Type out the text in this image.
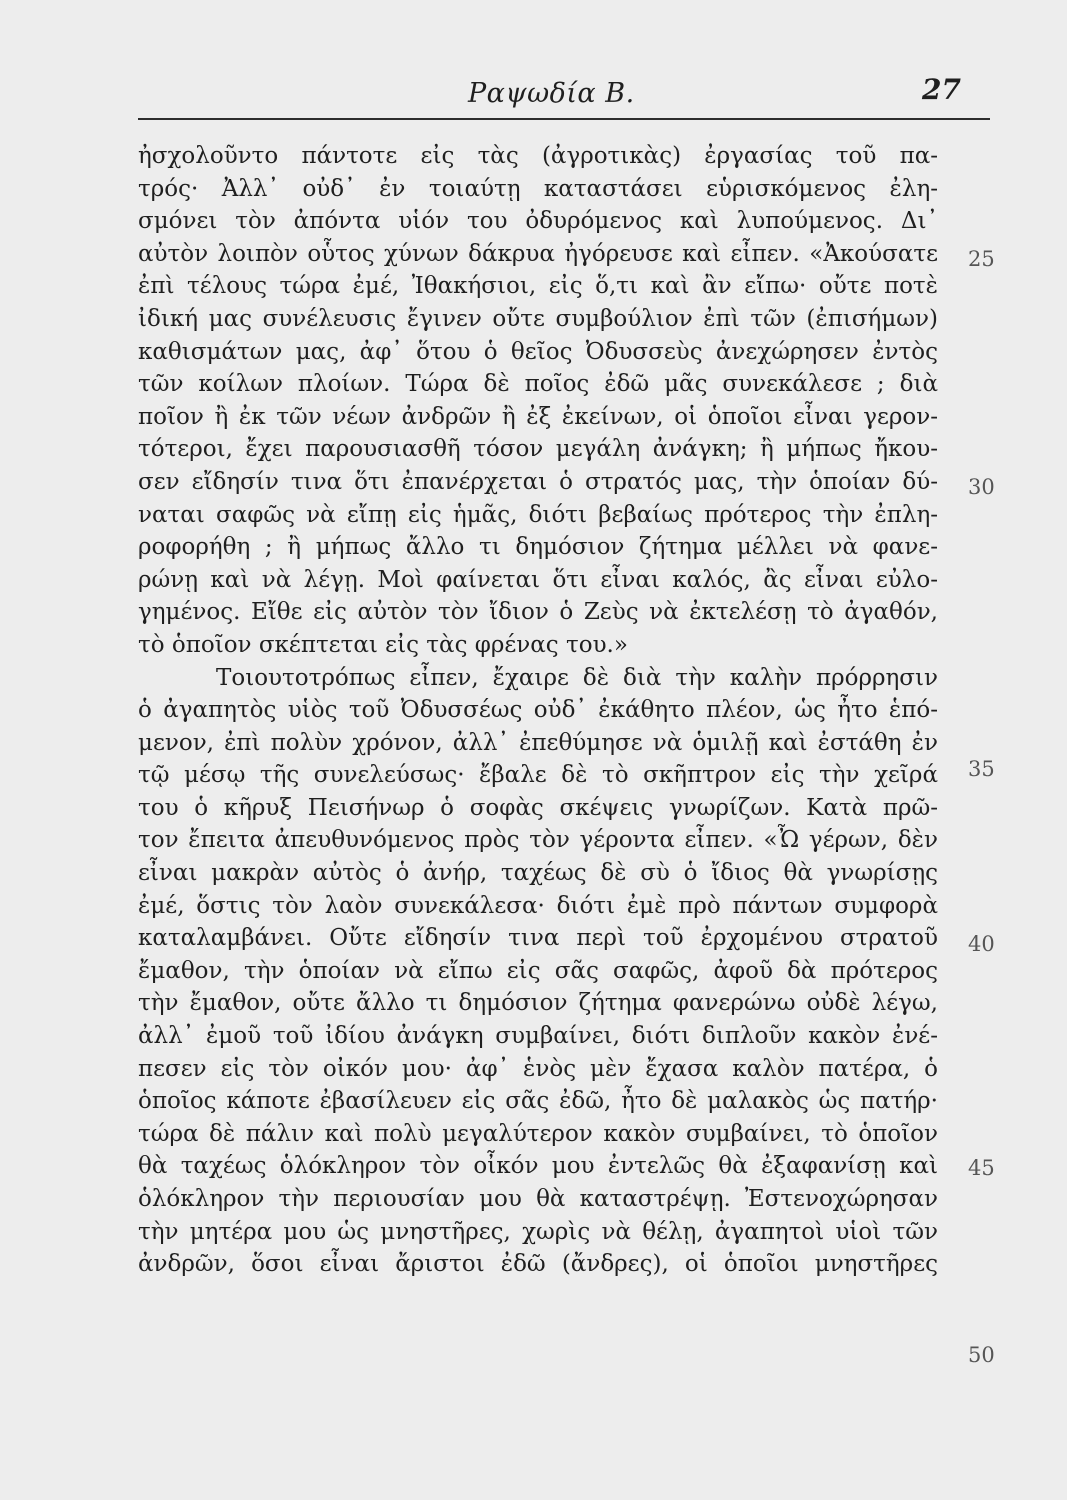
Ραψωδία Β.	27
ἠσχολοῦντο πάντοτε εἰς τὰς (ἀγροτικὰς) ἐργασίας τοῦ πα-
τρός· Ἀλλ᾽ οὐδ᾽ ἐν τοιαύτῃ καταστάσει εὑρισκόμενος ἐλη-
σμόνει τὸν ἀπόντα υἱόν του ὀδυρόμενος καὶ λυπούμενος. Δι᾽
αὐτὸν λοιπὸν οὗτος χύνων δάκρυα ἠγόρευσε καὶ εἶπεν. «Ἀκούσατε
ἐπὶ τέλους τώρα ἐμέ, Ἰθακήσιοι, εἰς ὅ,τι καὶ ἂν εἴπω· οὔτε ποτὲ
ἰδική μας συνέλευσις ἔγινεν οὔτε συμβούλιον ἐπὶ τῶν (ἐπισήμων)
καθισμάτων μας, ἀφ᾽ ὅτου ὁ θεῖος Ὀδυσσεὺς ἀνεχώρησεν ἐντὸς
τῶν κοίλων πλοίων. Τώρα δὲ ποῖος ἐδῶ μᾶς συνεκάλεσε ; διὰ
ποῖον ἢ ἐκ τῶν νέων ἀνδρῶν ἢ ἐξ ἐκείνων, οἱ ὁποῖοι εἶναι γερον-
τότεροι, ἔχει παρουσιασθῆ τόσον μεγάλη ἀνάγκη; ἢ μήπως ἤκου-
σεν εἴδησίν τινα ὅτι ἐπανέρχεται ὁ στρατός μας, τὴν ὁποίαν δύ-
ναται σαφῶς νὰ εἴπῃ εἰς ἡμᾶς, διότι βεβαίως πρότερος τὴν ἐπλη-
ροφορήθη ; ἢ μήπως ἄλλο τι δημόσιον ζήτημα μέλλει νὰ φανε-
ρώνῃ καὶ νὰ λέγῃ. Μοὶ φαίνεται ὅτι εἶναι καλός, ἂς εἶναι εὐλο-
γημένος. Εἴθε εἰς αὐτὸν τὸν ἴδιον ὁ Ζεὺς νὰ ἐκτελέσῃ τὸ ἀγαθόν,
τὸ ὁποῖον σκέπτεται εἰς τὰς φρένας του.»
Τοιουτοτρόπως εἶπεν, ἔχαιρε δὲ διὰ τὴν καλὴν πρόρρησιν
ὁ ἀγαπητὸς υἱὸς τοῦ Ὀδυσσέως οὐδ᾽ ἐκάθητο πλέον, ὡς ἦτο ἑπό-
μενον, ἐπὶ πολὺν χρόνον, ἀλλ᾽ ἐπεθύμησε νὰ ὁμιλῇ καὶ ἐστάθη ἐν
τῷ μέσῳ τῆς συνελεύσως· ἔβαλε δὲ τὸ σκῆπτρον εἰς τὴν χεῖρά
του ὁ κῆρυξ Πεισήνωρ ὁ σοφὰς σκέψεις γνωρίζων. Κατὰ πρῶ-
τον ἔπειτα ἀπευθυνόμενος πρὸς τὸν γέροντα εἶπεν. «Ὦ γέρων, δὲν
εἶναι μακρὰν αὐτὸς ὁ ἀνήρ, ταχέως δὲ σὺ ὁ ἴδιος θὰ γνωρίσῃς
ἐμέ, ὅστις τὸν λαὸν συνεκάλεσα· διότι ἐμὲ πρὸ πάντων συμφορὰ
καταλαμβάνει. Οὔτε εἴδησίν τινα περὶ τοῦ ἐρχομένου στρατοῦ
ἔμαθον, τὴν ὁποίαν νὰ εἴπω εἰς σᾶς σαφῶς, ἀφοῦ δὰ πρότερος
τὴν ἔμαθον, οὔτε ἄλλο τι δημόσιον ζήτημα φανερώνω οὐδὲ λέγω,
ἀλλ᾽ ἐμοῦ τοῦ ἰδίου ἀνάγκη συμβαίνει, διότι διπλοῦν κακὸν ἐνέ-
πεσεν εἰς τὸν οἰκόν μου· ἀφ᾽ ἑνὸς μὲν ἔχασα καλὸν πατέρα, ὁ
ὁποῖος κάποτε ἐβασίλευεν εἰς σᾶς ἐδῶ, ἦτο δὲ μαλακὸς ὡς πατήρ·
τώρα δὲ πάλιν καὶ πολὺ μεγαλύτερον κακὸν συμβαίνει, τὸ ὁποῖον
θὰ ταχέως ὁλόκληρον τὸν οἶκόν μου ἐντελῶς θὰ ἐξαφανίσῃ καὶ
ὁλόκληρον τὴν περιουσίαν μου θὰ καταστρέψῃ. Ἐστενοχώρησαν
τὴν μητέρα μου ὡς μνηστῆρες, χωρὶς νὰ θέλῃ, ἀγαπητοὶ υἱοὶ τῶν
ἀνδρῶν, ὅσοι εἶναι ἄριστοι ἐδῶ (ἄνδρες), οἱ ὁποῖοι μνηστῆρες
25
30
35
40
45
50
